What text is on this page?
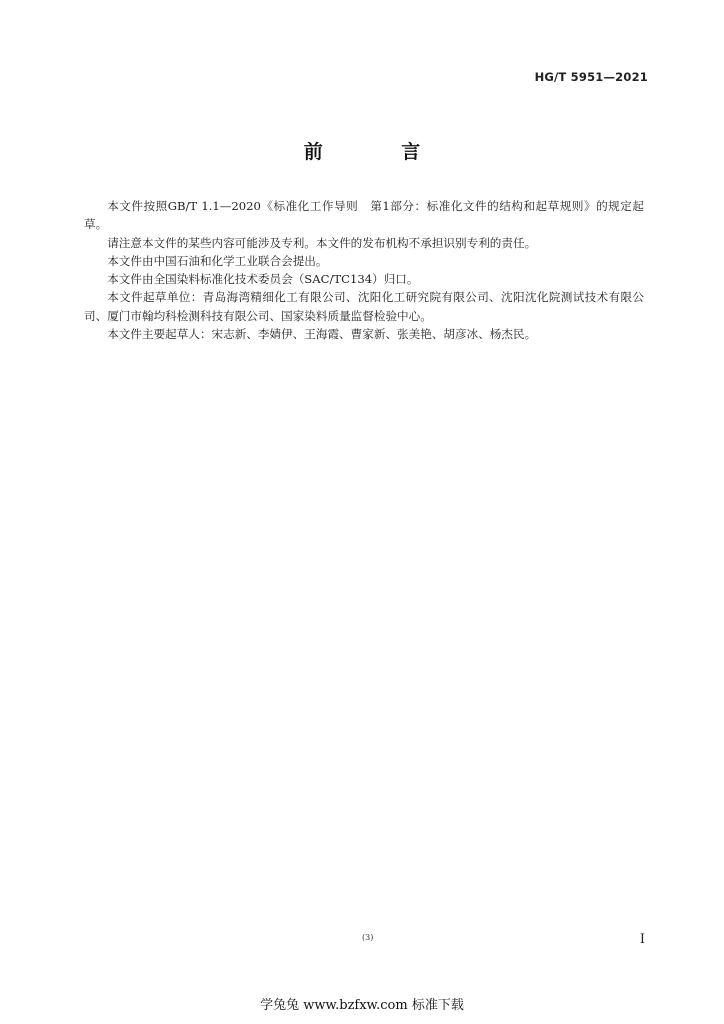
HG/T 5951—2021
前 言

本文件按照GB/T 1.1—2020《标准化工作导则　第1部分：标准化文件的结构和起草规则》的规定起草。

请注意本文件的某些内容可能涉及专利。本文件的发布机构不承担识别专利的责任。

本文件由中国石油和化学工业联合会提出。

本文件由全国染料标准化技术委员会（SAC/TC134）归口。

本文件起草单位：青岛海湾精细化工有限公司、沈阳化工研究院有限公司、沈阳沈化院测试技术有限公司、厦门市翰均科检测科技有限公司、国家染料质量监督检验中心。

本文件主要起草人：宋志新、李婧伊、王海霞、曹家新、张美艳、胡彦冰、杨杰民。

(3)	I
学兔兔 www.bzfxw.com 标准下载
